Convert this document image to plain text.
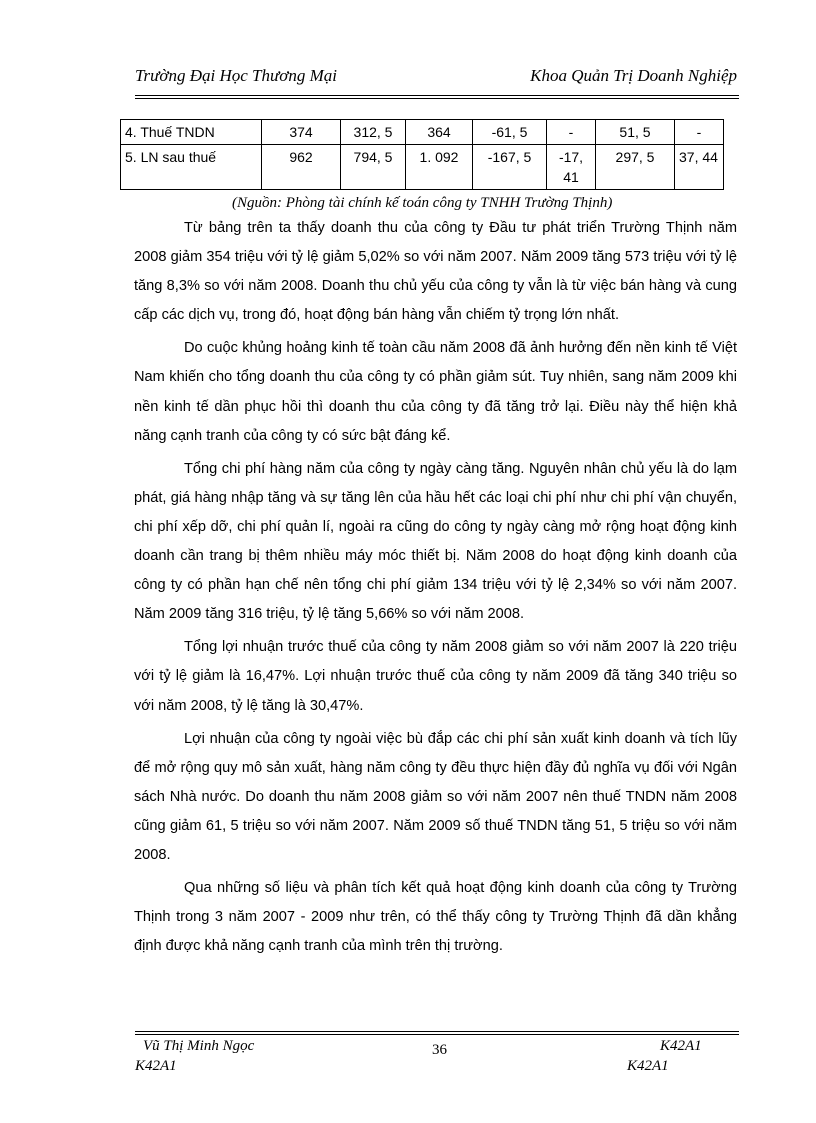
Trường Đại Học Thương Mại	Khoa Quản Trị Doanh Nghiệp
4. Thuế TNDN	374	312, 5	364	-61, 5	-	51, 5	-
5. LN sau thuế	962	794, 5	1. 092	-167, 5	-17, 41	297, 5	37, 44
(Nguồn: Phòng tài chính kế toán công ty TNHH Trường Thịnh)

Từ bảng trên ta thấy doanh thu của công ty Đầu tư phát triển Trường Thịnh năm 2008 giảm 354 triệu với tỷ lệ giảm 5,02% so với năm 2007. Năm 2009 tăng 573 triệu với tỷ lệ tăng 8,3% so với năm 2008. Doanh thu chủ yếu của công ty vẫn là từ việc bán hàng và cung cấp các dịch vụ, trong đó, hoạt động bán hàng vẫn chiếm tỷ trọng lớn nhất.

Do cuộc khủng hoảng kinh tế toàn cầu năm 2008 đã ảnh hưởng đến nền kinh tế Việt Nam khiến cho tổng doanh thu của công ty có phần giảm sút. Tuy nhiên, sang năm 2009 khi nền kinh tế dần phục hồi thì doanh thu của công ty đã tăng trở lại. Điều này thể hiện khả năng cạnh tranh của công ty có sức bật đáng kể.

Tổng chi phí hàng năm của công ty ngày càng tăng. Nguyên nhân chủ yếu là do lạm phát, giá hàng nhập tăng và sự tăng lên của hầu hết các loại chi phí như chi phí vận chuyển, chi phí xếp dỡ, chi phí quản lí, ngoài ra cũng do công ty ngày càng mở rộng hoạt động kinh doanh cần trang bị thêm nhiều máy móc thiết bị. Năm 2008 do hoạt động kinh doanh của công ty có phần hạn chế nên tổng chi phí giảm 134 triệu với tỷ lệ 2,34% so với năm 2007. Năm 2009 tăng 316 triệu, tỷ lệ tăng 5,66% so với năm 2008.

Tổng lợi nhuận trước thuế của công ty năm 2008 giảm so với năm 2007 là 220 triệu với tỷ lệ giảm là 16,47%. Lợi nhuận trước thuế của công ty năm 2009 đã tăng 340 triệu so với năm 2008, tỷ lệ tăng là 30,47%.

Lợi nhuận của công ty ngoài việc bù đắp các chi phí sản xuất kinh doanh và tích lũy để mở rộng quy mô sản xuất, hàng năm công ty đều thực hiện đầy đủ nghĩa vụ đối với Ngân sách Nhà nước. Do doanh thu năm 2008 giảm so với năm 2007 nên thuế TNDN năm 2008 cũng giảm 61, 5 triệu so với năm 2007. Năm 2009 số thuế TNDN tăng 51, 5 triệu so với năm 2008.

Qua những số liệu và phân tích kết quả hoạt động kinh doanh của công ty Trường Thịnh trong 3 năm 2007 - 2009 như trên, có thể thấy công ty Trường Thịnh đã dần khẳng định được khả năng cạnh tranh của mình trên thị trường.

Vũ Thị Minh Ngọc
K42A1
36	K42A1
K42A1
